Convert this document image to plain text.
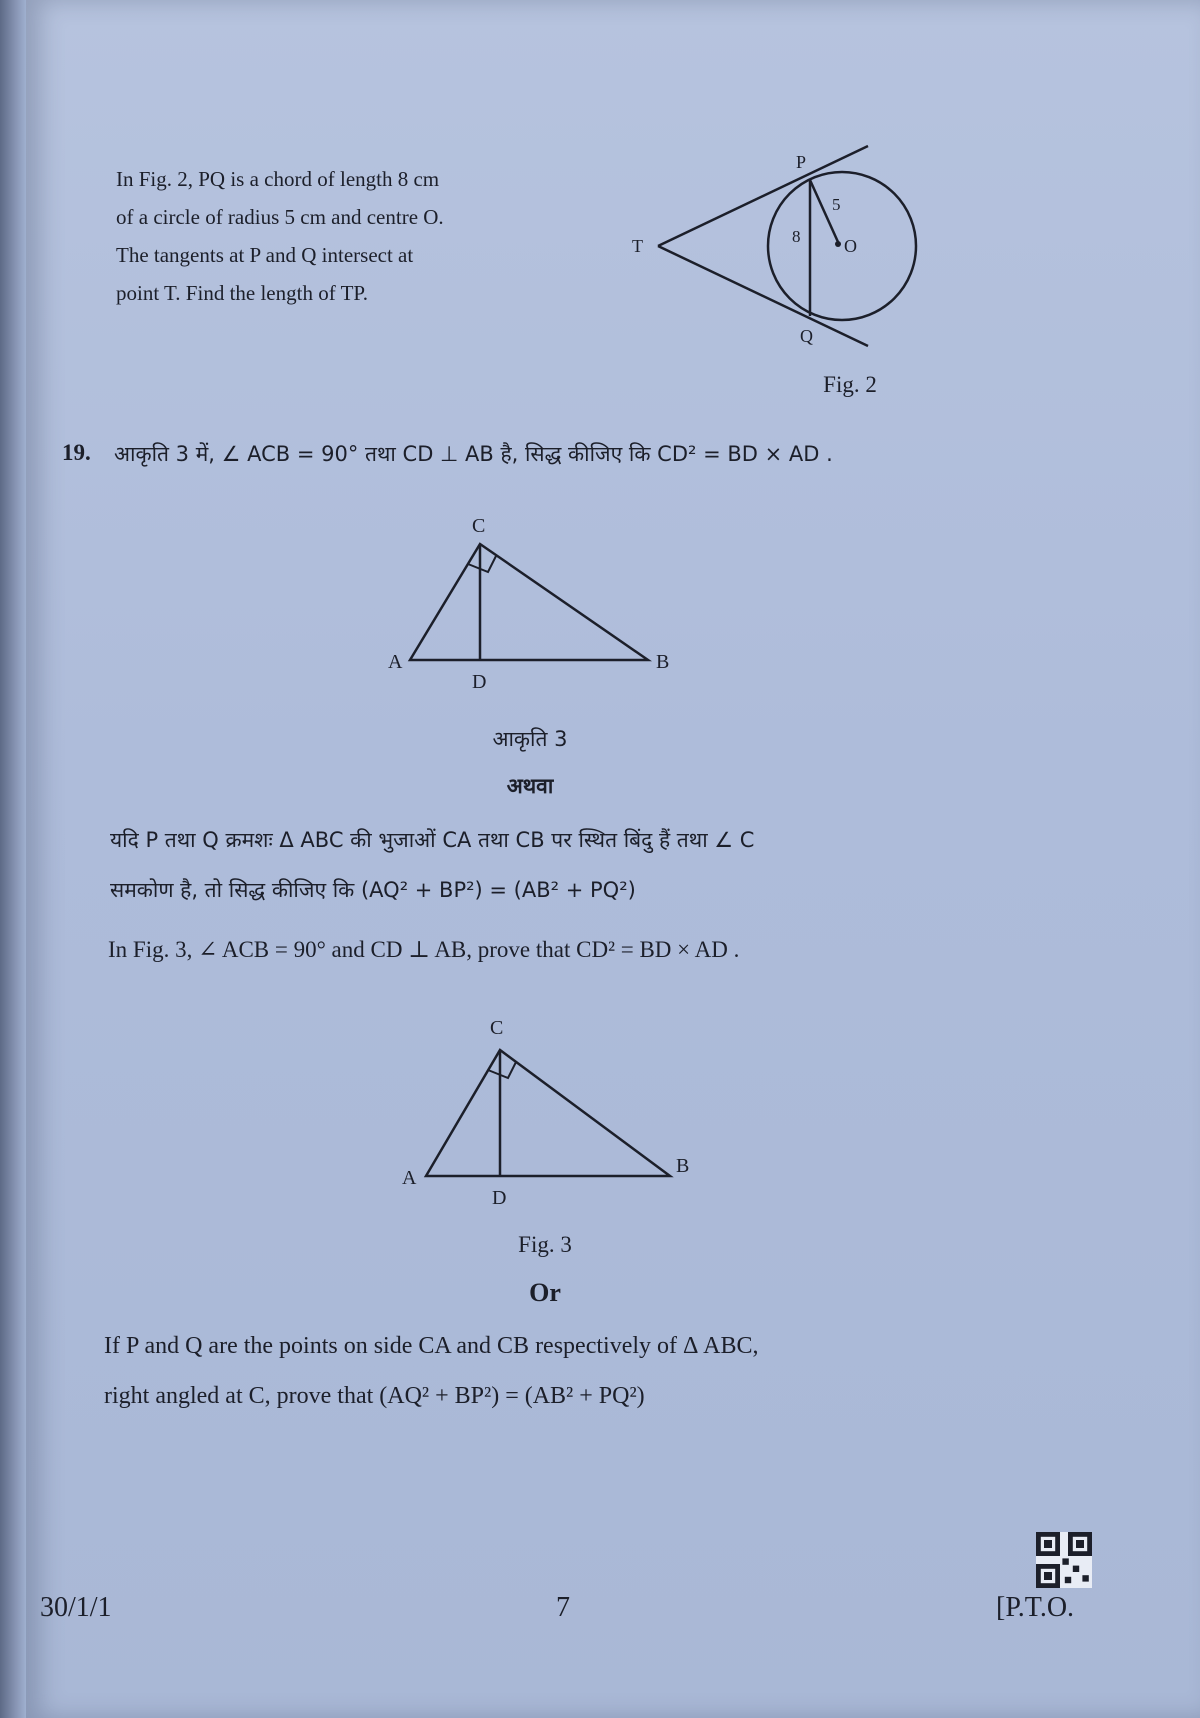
In Fig. 2, PQ is a chord of length 8 cm
of a circle of radius 5 cm and centre O.
The tangents at P and Q intersect at
point T. Find the length of TP.
P
Q
T	O
5
8
Fig. 2
19. आकृति 3 में, ∠ ACB = 90° तथा CD ⊥ AB है, सिद्ध कीजिए कि CD² = BD × AD .
C
A	B
D
आकृति 3
अथवा
यदि P तथा Q क्रमशः Δ ABC की भुजाओं CA तथा CB पर स्थित बिंदु हैं तथा ∠ C
समकोण है, तो सिद्ध कीजिए कि (AQ² + BP²) = (AB² + PQ²)
In Fig. 3, ∠ ACB = 90° and CD ⊥ AB, prove that CD² = BD × AD .
C
A
B
D
Fig. 3
Or
If P and Q are the points on side CA and CB respectively of Δ ABC,
right angled at C, prove that (AQ² + BP²) = (AB² + PQ²)
30/1/1	7	[P.T.O.
